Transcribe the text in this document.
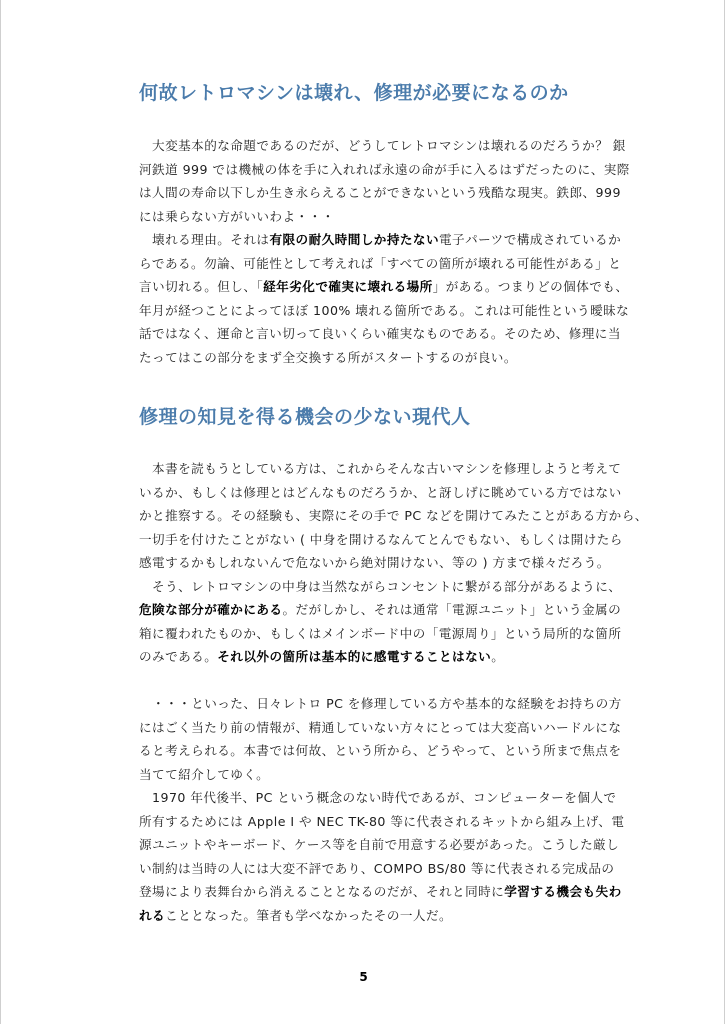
何故レトロマシンは壊れ、修理が必要になるのか
　大変基本的な命題であるのだが、どうしてレトロマシンは壊れるのだろうか？ 銀
河鉄道 999 では機械の体を手に入れれば永遠の命が手に入るはずだったのに、実際
は人間の寿命以下しか生き永らえることができないという残酷な現実。鉄郎、999
には乗らない方がいいわよ・・・
　壊れる理由。それは有限の耐久時間しか持たない電子パーツで構成されているか
らである。勿論、可能性として考えれば「すべての箇所が壊れる可能性がある」と
言い切れる。但し、「経年劣化で確実に壊れる場所」がある。つまりどの個体でも、
年月が経つことによってほぼ 100% 壊れる箇所である。これは可能性という曖昧な
話ではなく、運命と言い切って良いくらい確実なものである。そのため、修理に当
たってはこの部分をまず全交換する所がスタートするのが良い。
修理の知見を得る機会の少ない現代人
　本書を読もうとしている方は、これからそんな古いマシンを修理しようと考えて
いるか、もしくは修理とはどんなものだろうか、と訝しげに眺めている方ではない
かと推察する。その経験も、実際にその手で PC などを開けてみたことがある方から、
一切手を付けたことがない ( 中身を開けるなんてとんでもない、もしくは開けたら
感電するかもしれないんで危ないから絶対開けない、等の ) 方まで様々だろう。
　そう、レトロマシンの中身は当然ながらコンセントに繋がる部分があるように、
危険な部分が確かにある。だがしかし、それは通常「電源ユニット」という金属の
箱に覆われたものか、もしくはメインボード中の「電源周り」という局所的な箇所
のみである。それ以外の箇所は基本的に感電することはない。
　・・・といった、日々レトロ PC を修理している方や基本的な経験をお持ちの方
にはごく当たり前の情報が、精通していない方々にとっては大変高いハードルにな
ると考えられる。本書では何故、という所から、どうやって、という所まで焦点を
当てて紹介してゆく。
　1970 年代後半、PC という概念のない時代であるが、コンピューターを個人で
所有するためには Apple I や NEC TK-80 等に代表されるキットから組み上げ、電
源ユニットやキーボード、ケース等を自前で用意する必要があった。こうした厳し
い制約は当時の人には大変不評であり、COMPO BS/80 等に代表される完成品の
登場により表舞台から消えることとなるのだが、それと同時に学習する機会も失わ
れることとなった。筆者も学べなかったその一人だ。
5
